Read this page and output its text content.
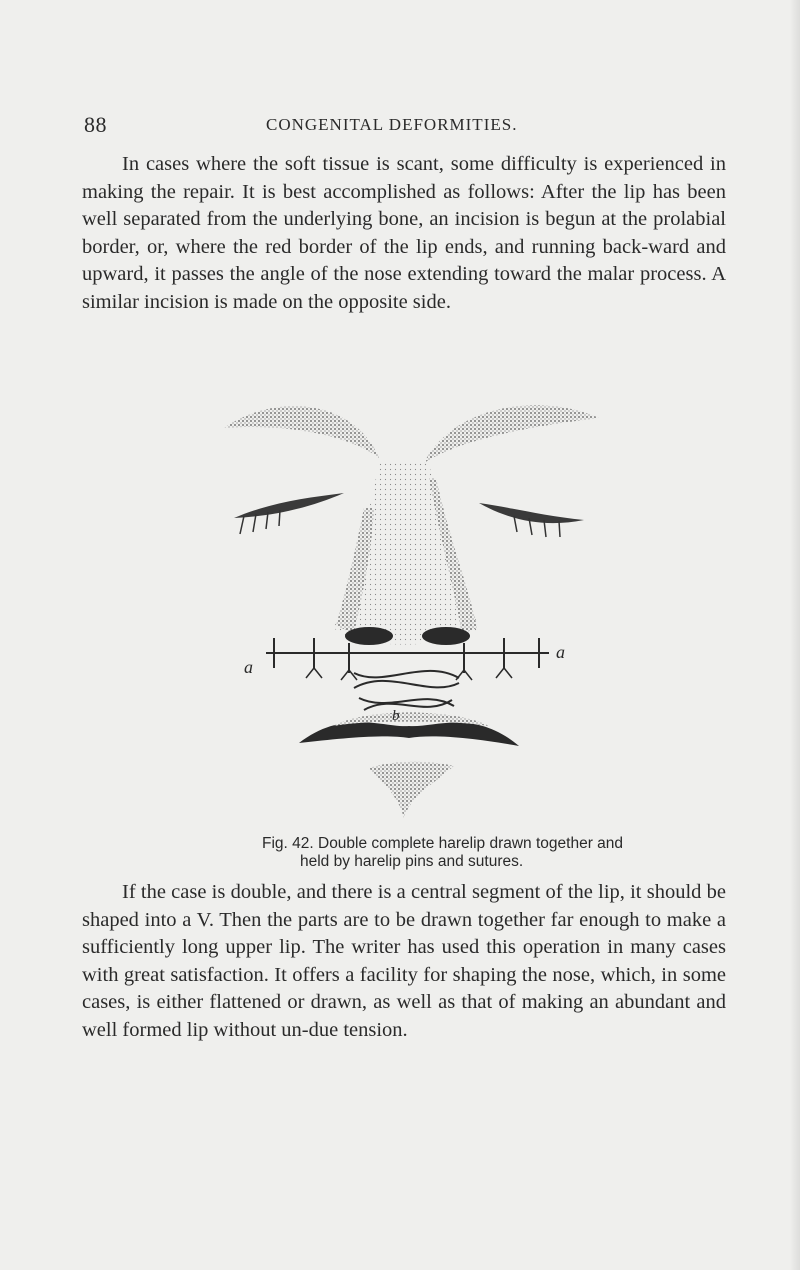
88	CONGENITAL DEFORMITIES.

In cases where the soft tissue is scant, some difficulty is experienced in making the repair. It is best accomplished as follows: After the lip has been well separated from the underlying bone, an incision is begun at the prolabial border, or, where the red border of the lip ends, and running back-ward and upward, it passes the angle of the nose extending toward the malar process. A similar incision is made on the opposite side.

a
a
b
Fig. 42. Double complete harelip drawn together and
held by harelip pins and sutures.

If the case is double, and there is a central segment of the lip, it should be shaped into a V. Then the parts are to be drawn together far enough to make a sufficiently long upper lip. The writer has used this operation in many cases with great satisfaction. It offers a facility for shaping the nose, which, in some cases, is either flattened or drawn, as well as that of making an abundant and well formed lip without un-due tension.
